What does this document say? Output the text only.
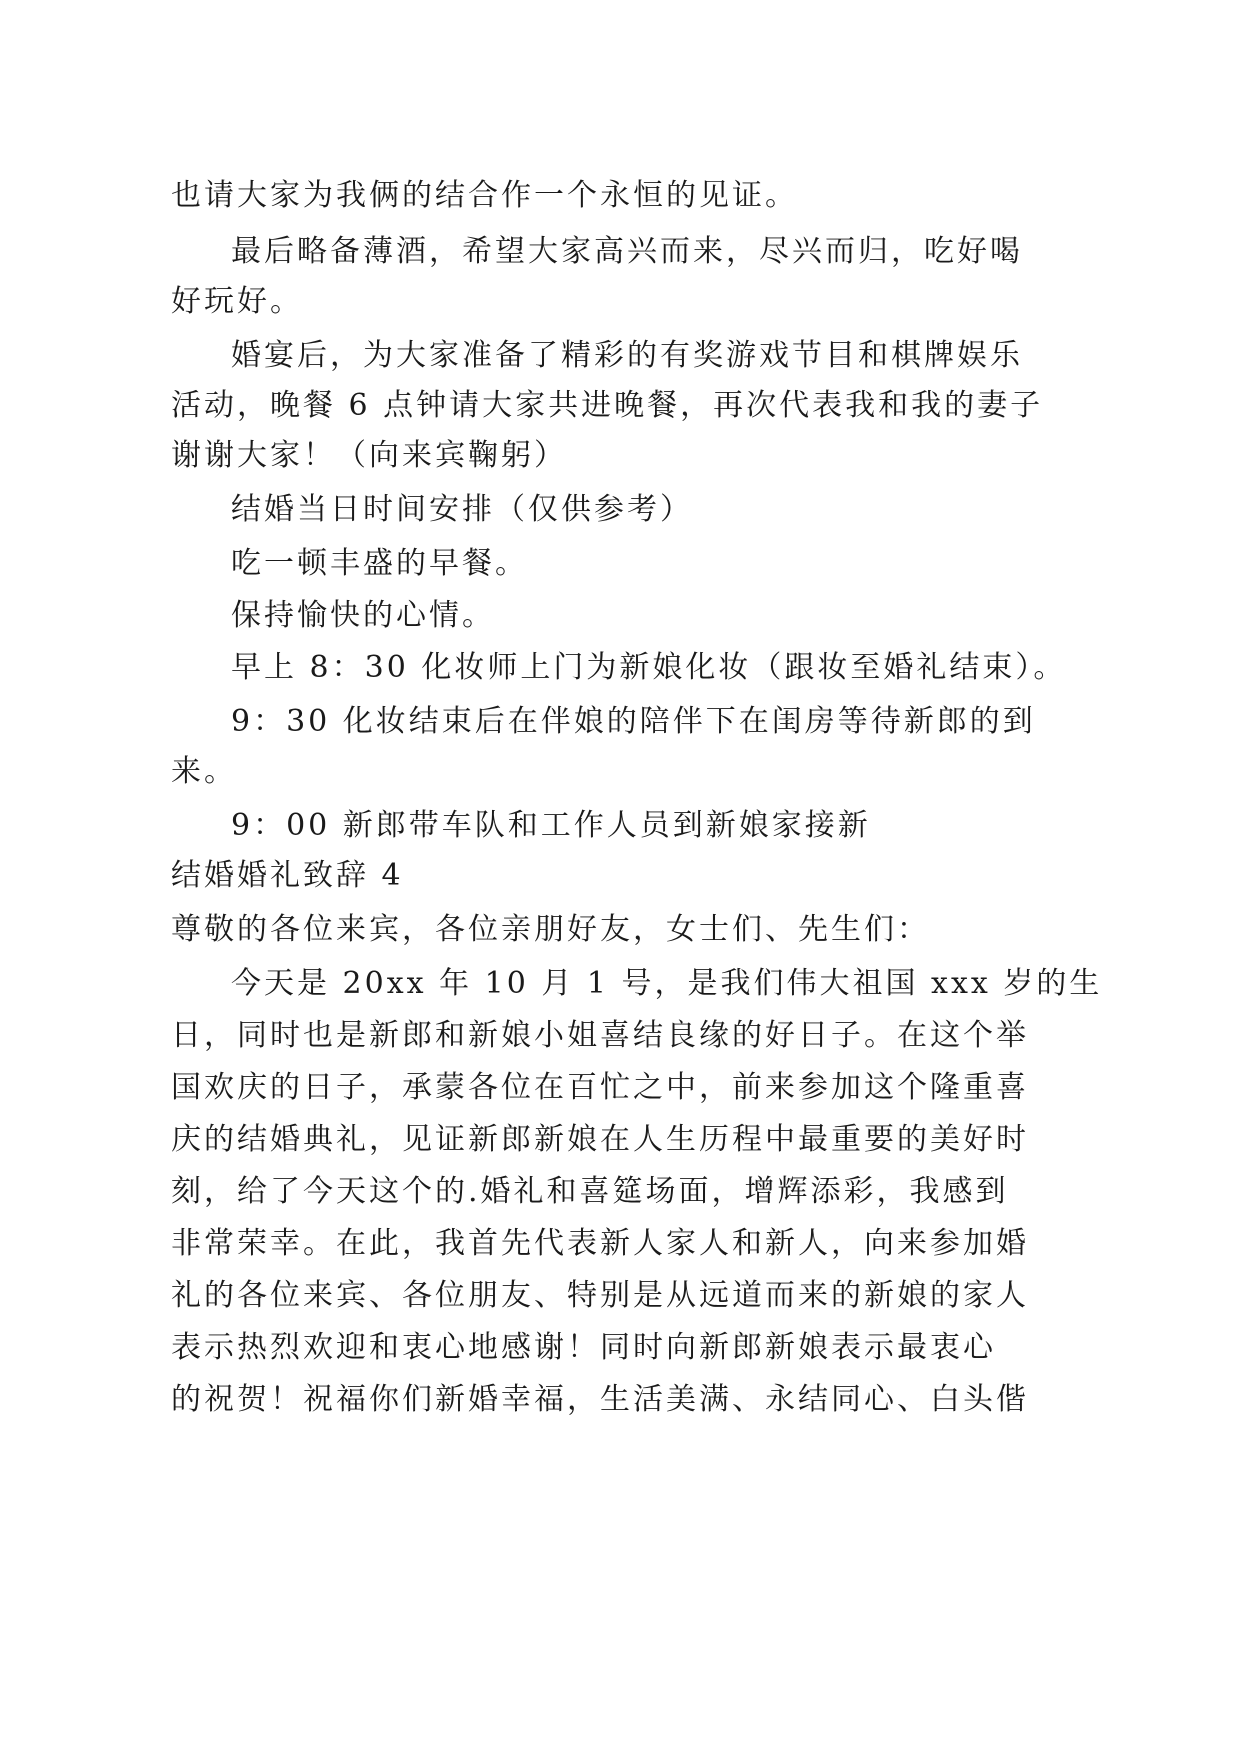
也请大家为我俩的结合作一个永恒的见证。

最后略备薄酒，希望大家高兴而来，尽兴而归，吃好喝

好玩好。

婚宴后，为大家准备了精彩的有奖游戏节目和棋牌娱乐

活动，晚餐 6 点钟请大家共进晚餐，再次代表我和我的妻子

谢谢大家！（向来宾鞠躬）

结婚当日时间安排（仅供参考）

吃一顿丰盛的早餐。

保持愉快的心情。

早上 8：30 化妆师上门为新娘化妆（跟妆至婚礼结束）。

9：30 化妆结束后在伴娘的陪伴下在闺房等待新郎的到

来。

9：00 新郎带车队和工作人员到新娘家接新

结婚婚礼致辞 4

尊敬的各位来宾，各位亲朋好友，女士们、先生们：

今天是 20xx 年 10 月 1 号，是我们伟大祖国 xxx 岁的生

日，同时也是新郎和新娘小姐喜结良缘的好日子。在这个举

国欢庆的日子，承蒙各位在百忙之中，前来参加这个隆重喜

庆的结婚典礼，见证新郎新娘在人生历程中最重要的美好时

刻，给了今天这个的.婚礼和喜筵场面，增辉添彩，我感到

非常荣幸。在此，我首先代表新人家人和新人，向来参加婚

礼的各位来宾、各位朋友、特别是从远道而来的新娘的家人

表示热烈欢迎和衷心地感谢！同时向新郎新娘表示最衷心

的祝贺！祝福你们新婚幸福，生活美满、永结同心、白头偕
